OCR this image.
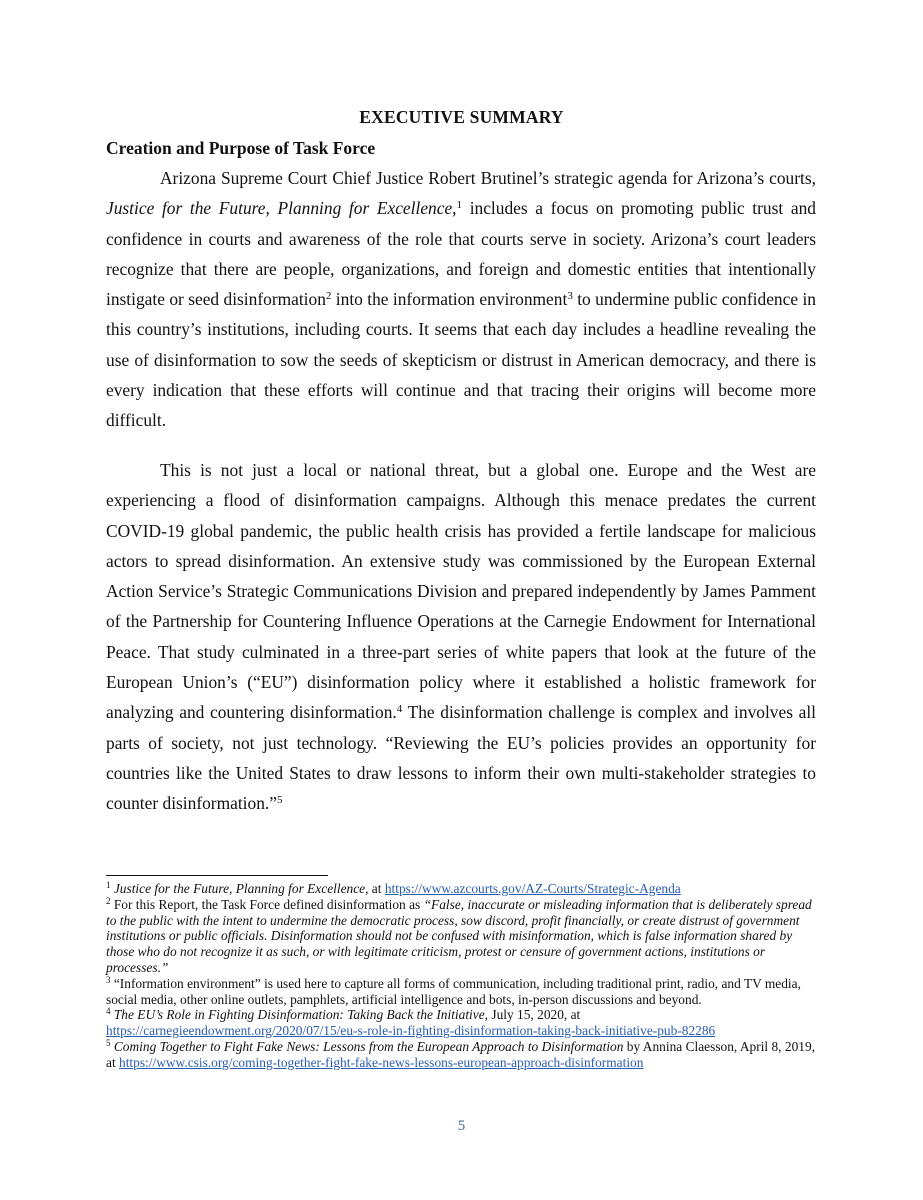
EXECUTIVE SUMMARY
Creation and Purpose of Task Force

Arizona Supreme Court Chief Justice Robert Brutinel’s strategic agenda for Arizona’s courts, Justice for the Future, Planning for Excellence,$^1$ includes a focus on promoting public trust and confidence in courts and awareness of the role that courts serve in society. Arizona’s court leaders recognize that there are people, organizations, and foreign and domestic entities that intentionally instigate or seed disinformation$^2$ into the information environment$^3$ to undermine public confidence in this country’s institutions, including courts. It seems that each day includes a headline revealing the use of disinformation to sow the seeds of skepticism or distrust in American democracy, and there is every indication that these efforts will continue and that tracing their origins will become more difficult.

This is not just a local or national threat, but a global one. Europe and the West are experiencing a flood of disinformation campaigns. Although this menace predates the current COVID-19 global pandemic, the public health crisis has provided a fertile landscape for malicious actors to spread disinformation. An extensive study was commissioned by the European External Action Service’s Strategic Communications Division and prepared independently by James Pamment of the Partnership for Countering Influence Operations at the Carnegie Endowment for International Peace. That study culminated in a three-part series of white papers that look at the future of the European Union’s (“EU”) disinformation policy where it established a holistic framework for analyzing and countering disinformation.$^4$ The disinformation challenge is complex and involves all parts of society, not just technology. “Reviewing the EU’s policies provides an opportunity for countries like the United States to draw lessons to inform their own multi-stakeholder strategies to counter disinformation.”$^5$

$^1$ Justice for the Future, Planning for Excellence, at https://www.azcourts.gov/AZ-Courts/Strategic-Agenda

$^2$ For this Report, the Task Force defined disinformation as “False, inaccurate or misleading information that is deliberately spread to the public with the intent to undermine the democratic process, sow discord, profit financially, or create distrust of government institutions or public officials. Disinformation should not be confused with misinformation, which is false information shared by those who do not recognize it as such, or with legitimate criticism, protest or censure of government actions, institutions or processes.”

$^3$ “Information environment” is used here to capture all forms of communication, including traditional print, radio, and TV media, social media, other online outlets, pamphlets, artificial intelligence and bots, in-person discussions and beyond.

$^4$ The EU’s Role in Fighting Disinformation: Taking Back the Initiative, July 15, 2020, at https://carnegieendowment.org/2020/07/15/eu-s-role-in-fighting-disinformation-taking-back-initiative-pub-82286

$^5$ Coming Together to Fight Fake News: Lessons from the European Approach to Disinformation by Annina Claesson, April 8, 2019, at https://www.csis.org/coming-together-fight-fake-news-lessons-european-approach-disinformation

5
